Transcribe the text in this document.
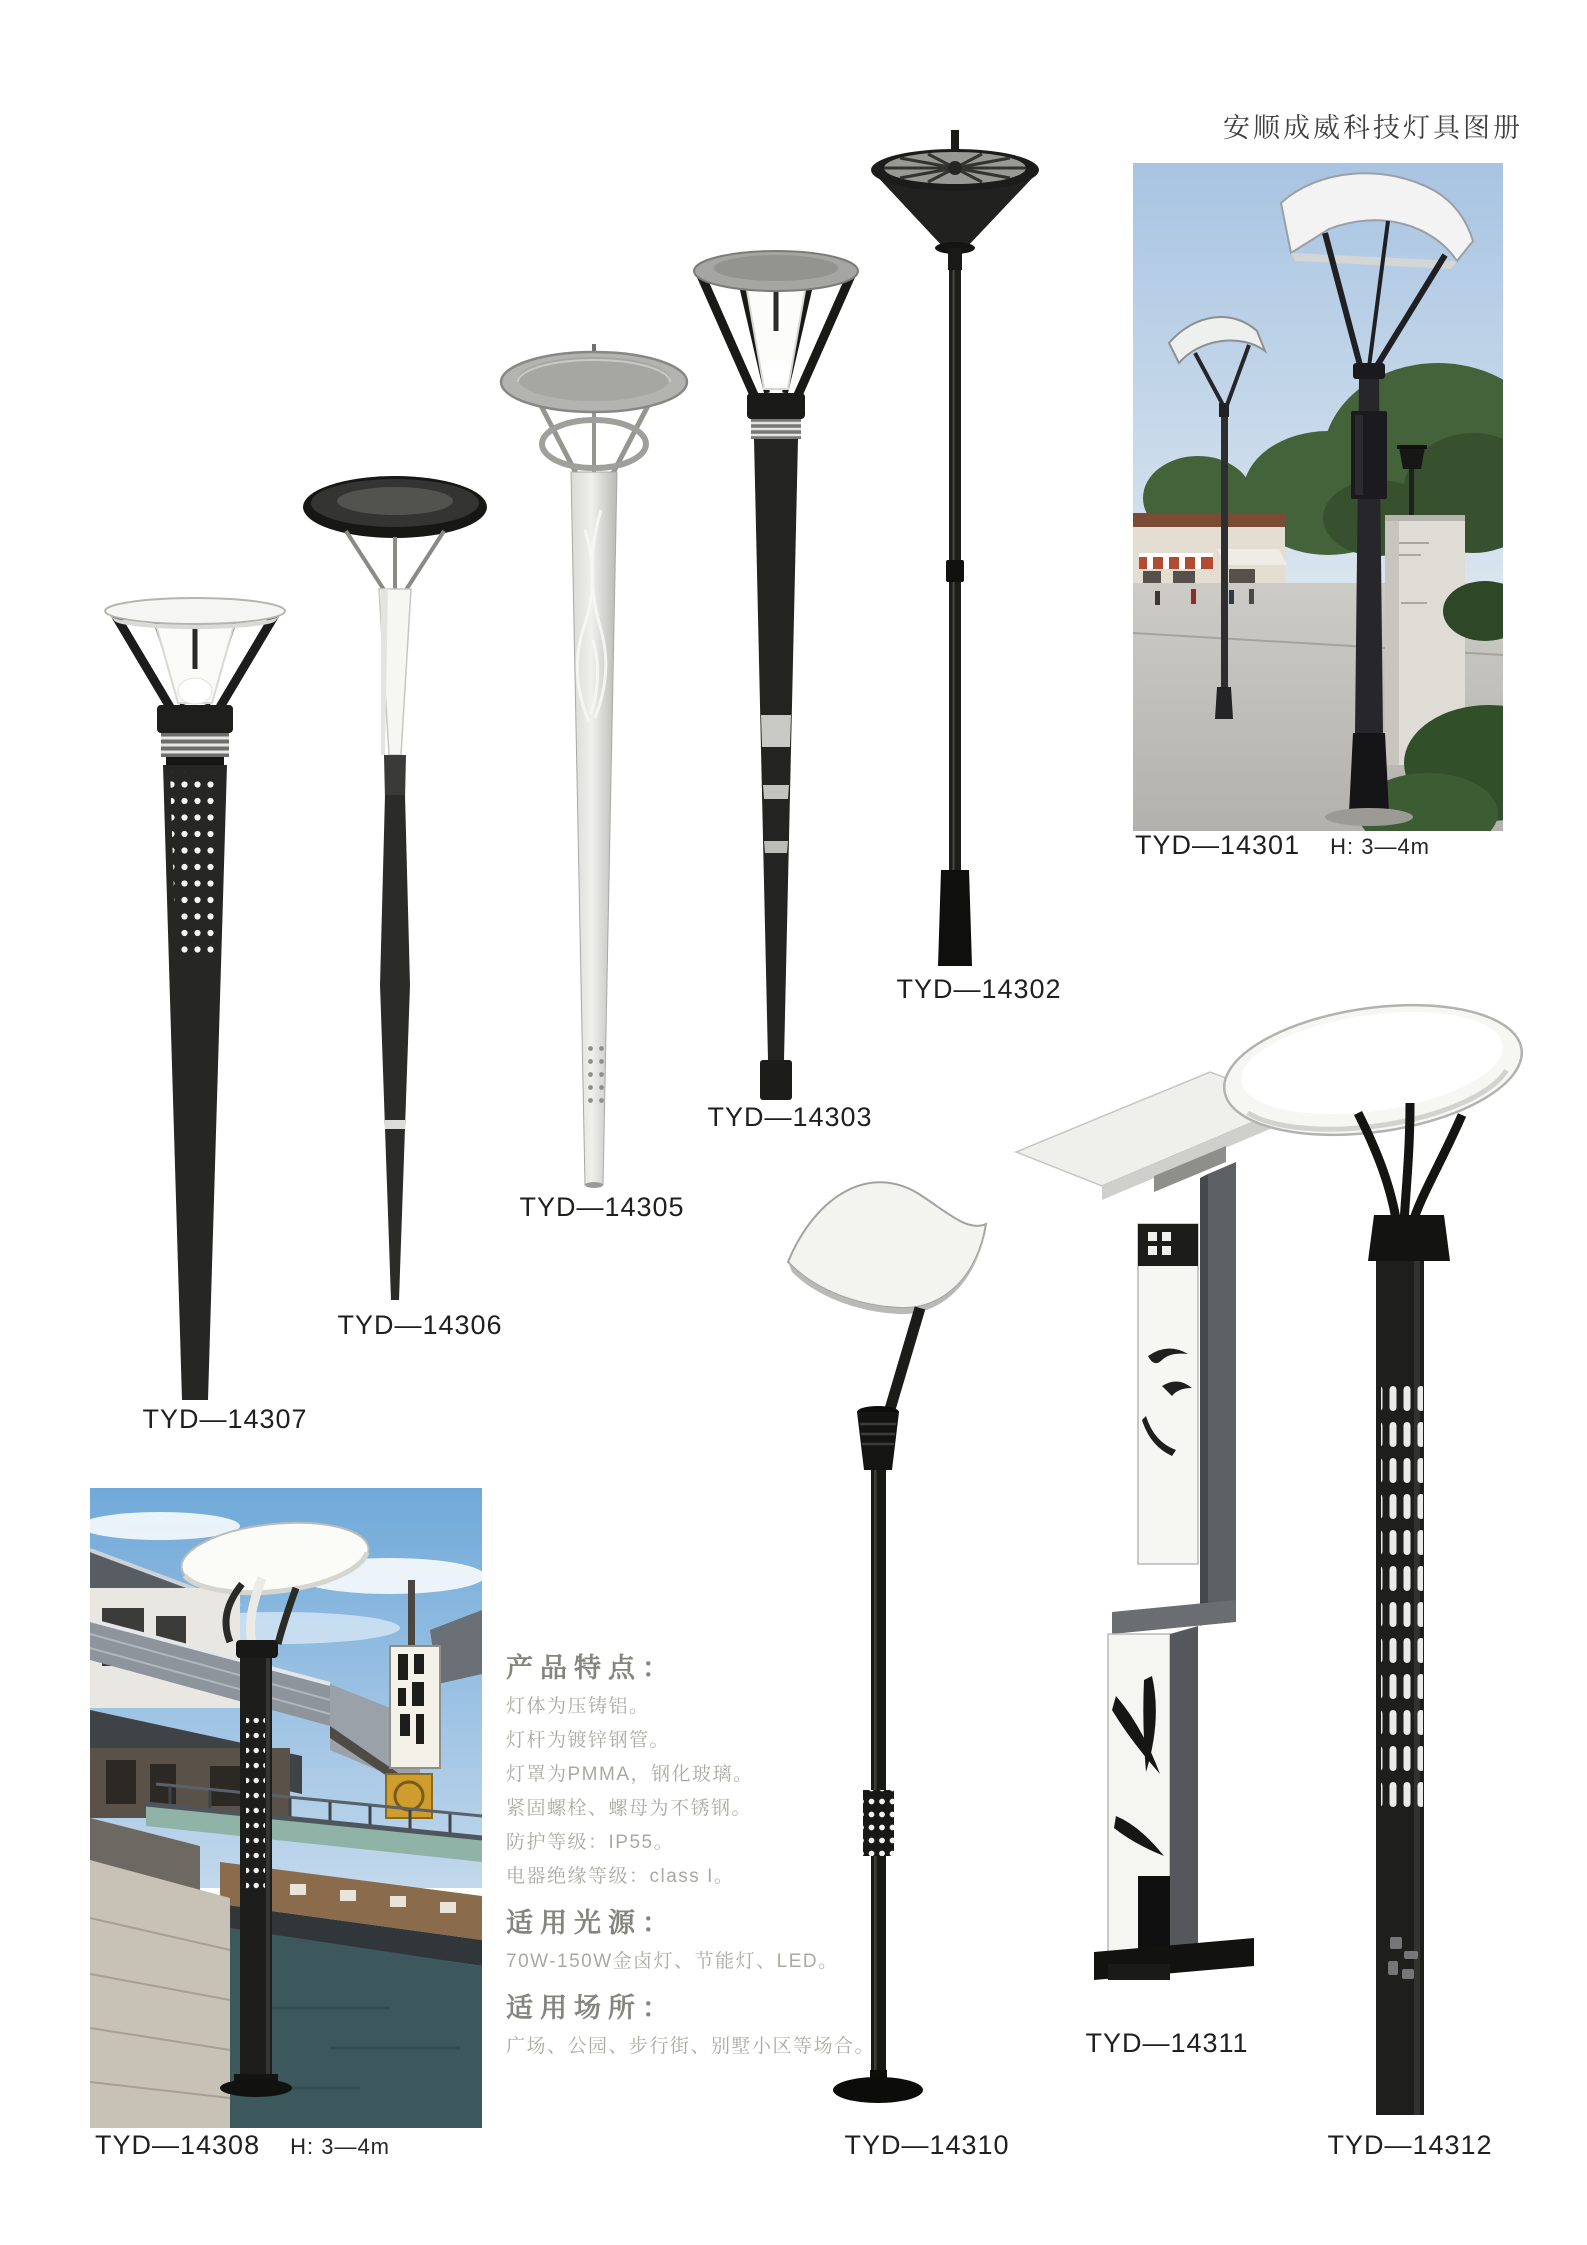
安顺成威科技灯具图册
TYD—14301 H: 3—4m
TYD—14302
TYD—14303
TYD—14305
TYD—14306
TYD—14307
TYD—14308 H: 3—4m	TYD—14310
TYD—14311
TYD—14312
产品特点：

灯体为压铸铝。

灯杆为镀锌钢管。

灯罩为PMMA，钢化玻璃。

紧固螺栓、螺母为不锈钢。

防护等级：IP55。

电器绝缘等级：class I。

适用光源：

70W-150W金卤灯、节能灯、LED。

适用场所：

广场、公园、步行街、别墅小区等场合。
